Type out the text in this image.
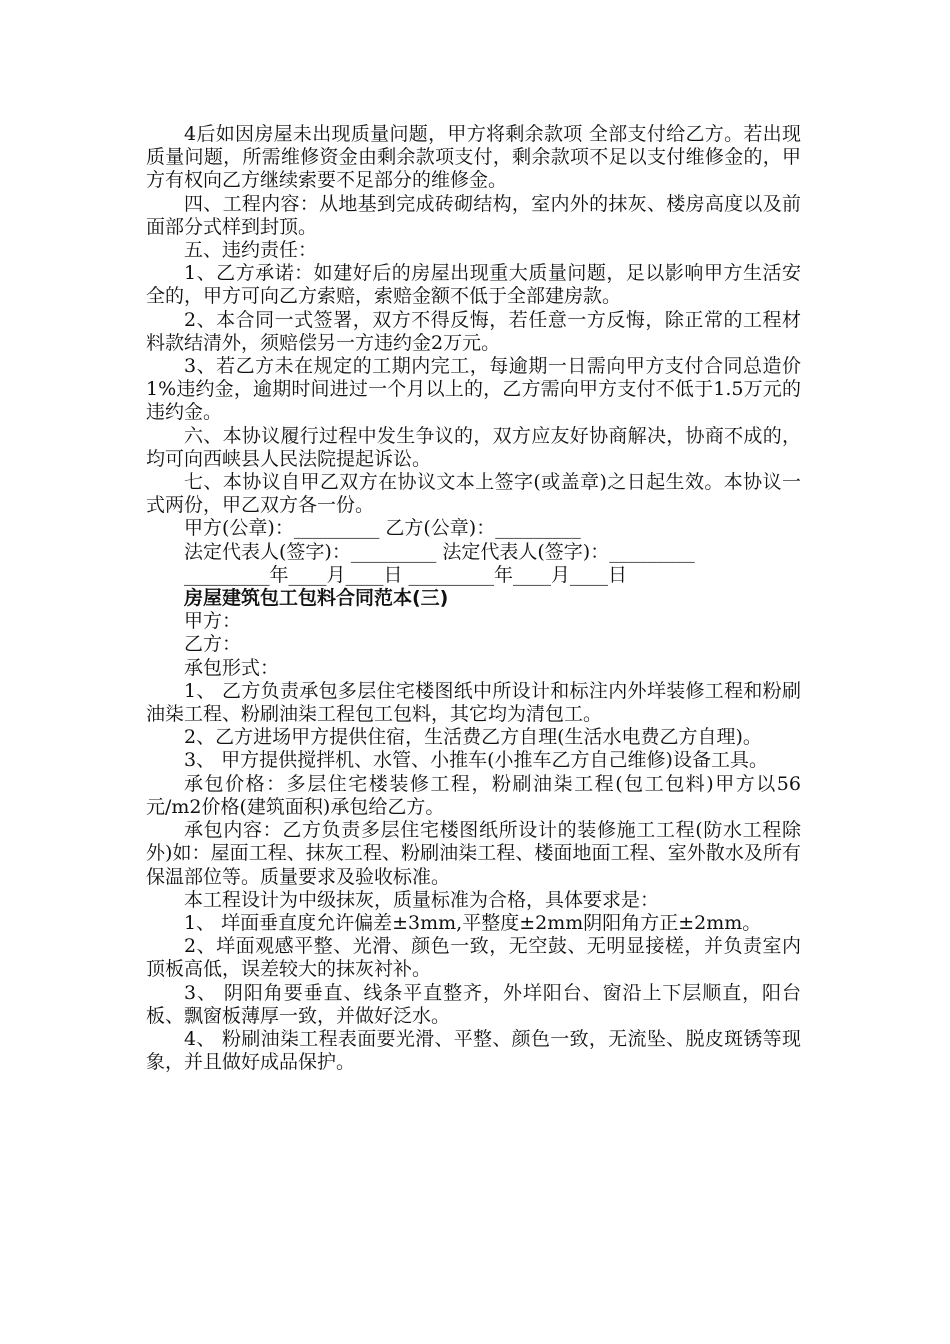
4后如因房屋未出现质量问题，甲方将剩余款项 全部支付给乙方。若出现质量问题，所需维修资金由剩余款项支付，剩余款项不足以支付维修金的，甲方有权向乙方继续索要不足部分的维修金。

四、工程内容：从地基到完成砖砌结构，室内外的抹灰、楼房高度以及前面部分式样到封顶。

五、违约责任：

1、乙方承诺：如建好后的房屋出现重大质量问题，足以影响甲方生活安全的，甲方可向乙方索赔，索赔金额不低于全部建房款。

2、本合同一式签署，双方不得反悔，若任意一方反悔，除正常的工程材料款结清外，须赔偿另一方违约金2万元。

3、若乙方未在规定的工期内完工，每逾期一日需向甲方支付合同总造价1%违约金，逾期时间进过一个月以上的，乙方需向甲方支付不低于1.5万元的违约金。

六、本协议履行过程中发生争议的，双方应友好协商解决，协商不成的，均可向西峡县人民法院提起诉讼。

七、本协议自甲乙双方在协议文本上签字(或盖章)之日起生效。本协议一式两份，甲乙双方各一份。

甲方(公章)：_________ 乙方(公章)：_________

法定代表人(签字)：_________ 法定代表人(签字)：_________

_________年____月____日 _________年____月____日

房屋建筑包工包料合同范本(三)

甲方：

乙方：

承包形式：

1、 乙方负责承包多层住宅楼图纸中所设计和标注内外垟装修工程和粉刷油柒工程、粉刷油柒工程包工包料，其它均为清包工。

2、乙方进场甲方提供住宿，生活费乙方自理(生活水电费乙方自理)。

3、 甲方提供搅拌机、水管、小推车(小推车乙方自己维修)设备工具。

承包价格：多层住宅楼装修工程，粉刷油柒工程(包工包料)甲方以56元/m2价格(建筑面积)承包给乙方。

承包内容：乙方负责多层住宅楼图纸所设计的装修施工工程(防水工程除外)如：屋面工程、抹灰工程、粉刷油柒工程、楼面地面工程、室外散水及所有保温部位等。质量要求及验收标准。

本工程设计为中级抹灰，质量标准为合格，具体要求是：

1、 垟面垂直度允许偏差±3mm,平整度±2mm阴阳角方正±2mm。

2、垟面观感平整、光滑、颜色一致，无空鼓、无明显接槎，并负责室内顶板高低，误差较大的抹灰衬补。

3、 阴阳角要垂直、线条平直整齐，外垟阳台、窗沿上下层顺直，阳台板、飘窗板薄厚一致，并做好泛水。

4、 粉刷油柒工程表面要光滑、平整、颜色一致，无流坠、脱皮斑锈等现象，并且做好成品保护。
